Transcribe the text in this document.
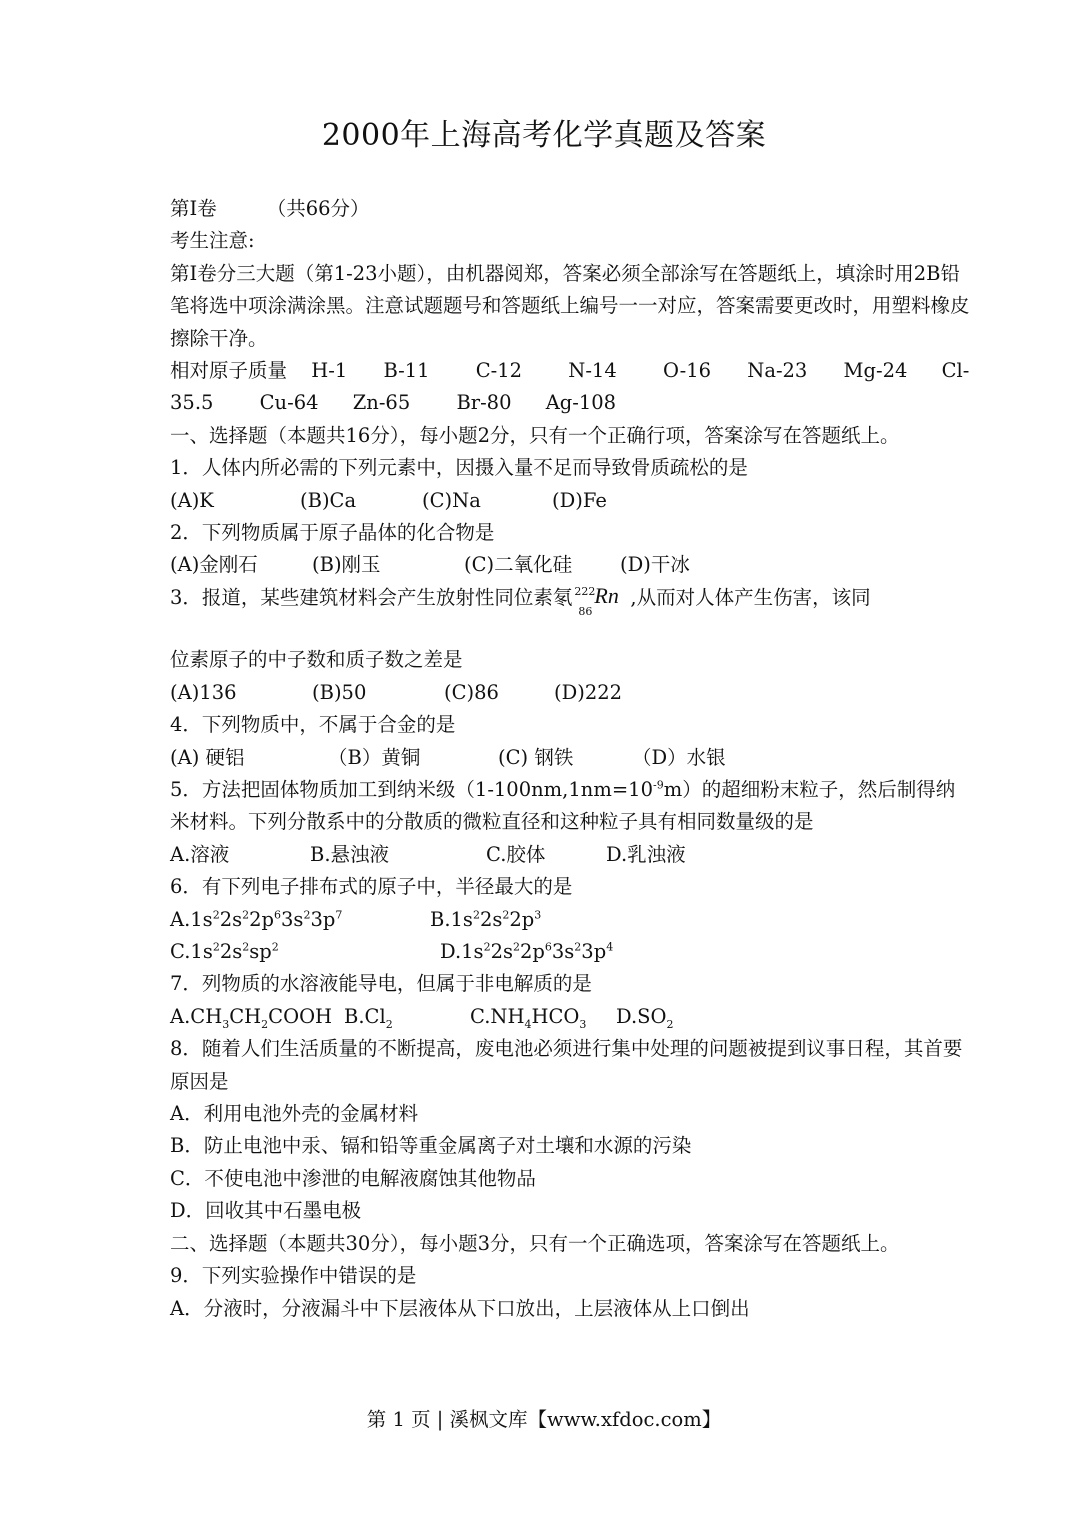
2000年上海高考化学真题及答案
第Ⅰ卷	（共66分）
考生注意:
第Ⅰ卷分三大题（第1-23小题），由机器阅郑，答案必须全部涂写在答题纸上，填涂时用2B铅笔将选中项涂满涂黑。注意试题题号和答题纸上编号一一对应，答案需要更改时，用塑料橡皮擦除干净。
相对原子质量 H-1 B-11 C-12 N-14 O-16 Na-23 Mg-24 Cl-35.5 Cu-64 Zn-65 Br-80 Ag-108
一、选择题（本题共16分），每小题2分，只有一个正确行项，答案涂写在答题纸上。
1．人体内所必需的下列元素中，因摄入量不足而导致骨质疏松的是
(A)K	(B)Ca	(C)Na	(D)Fe
2．下列物质属于原子晶体的化合物是
(A)金刚石	(B)刚玉	(C)二氧化硅 (D)干冰
3．报道，某些建筑材料会产生放射性同位素氡 222
86
Rn ,从而对人体产生伤害，该同
位素原子的中子数和质子数之差是
(A)136	(B)50	(C)86	(D)222
4．下列物质中，不属于合金的是
(A) 硬铝	（B）黄铜	(C) 钢铁	（D）水银
5．方法把固体物质加工到纳米级$(1-100nm,1nm=10^{-9}m)$的超细粉末粒子，然后制得纳米材料。下列分散系中的分散质的微粒直径和这种粒子具有相同数量级的是
A.溶液	B.悬浊液	C.胶体	D.乳浊液
6．有下列电子排布式的原子中，半径最大的是
$A.1s^22s^22p^63s^23p^7$	$B.1s^22s^22p^3$
$C.1s^22s^2sp^2$	$D.1s^22s^22p^63s^23p^4$
7．列物质的水溶液能导电，但属于非电解质的是
$A.CH_3CH_2COOH$ $B.Cl_2$	$C.NH_4HCO_3$ $D.SO_2$
8．随着人们生活质量的不断提高，废电池必须进行集中处理的问题被提到议事日程，其首要原因是
A．利用电池外壳的金属材料
B．防止电池中汞、镉和铅等重金属离子对土壤和水源的污染
C．不使电池中渗泄的电解液腐蚀其他物品
D．回收其中石墨电极
二、选择题（本题共30分），每小题3分，只有一个正确选项，答案涂写在答题纸上。
9．下列实验操作中错误的是
A．分液时，分液漏斗中下层液体从下口放出，上层液体从上口倒出
第 1 页 | 溪枫文库【www.xfdoc.com】
